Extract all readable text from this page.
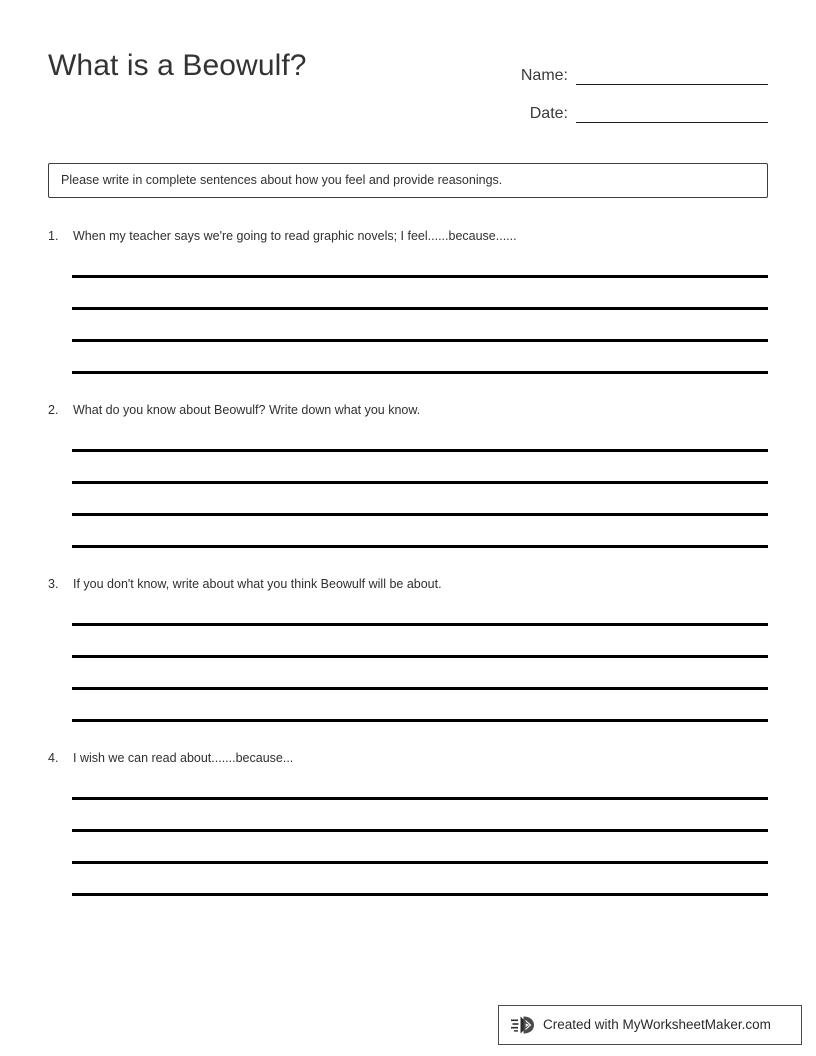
What is a Beowulf?	Name:
Date:
Please write in complete sentences about how you feel and provide reasonings.
1.	When my teacher says we're going to read graphic novels; I feel......because......
2.	What do you know about Beowulf? Write down what you know.
3.	If you don't know, write about what you think Beowulf will be about.
4.	I wish we can read about.......because...
Created with MyWorksheetMaker.com
